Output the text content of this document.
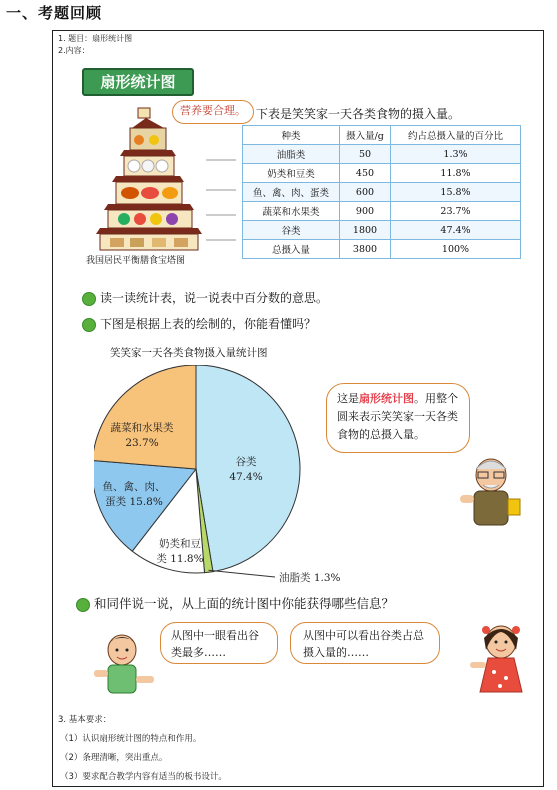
一、考题回顾
1. 题目：扇形统计图
2.内容：
扇形统计图
营养要合理。
我国居民平衡膳食宝塔图
下表是笑笑家一天各类食物的摄入量。
种类	摄入量/g	约占总摄入量的百分比
油脂类	50	1.3%
奶类和豆类	450	11.8%
鱼、禽、肉、蛋类	600	15.8%
蔬菜和水果类	900	23.7%
谷类	1800	47.4%
总摄入量	3800	100%
读一读统计表，说一说表中百分数的意思。
下图是根据上表的绘制的，你能看懂吗？
笑笑家一天各类食物摄入量统计图
谷类
47.4%
油脂类 1.3%
奶类和豆
类 11.8%
鱼、禽、肉、
蛋类 15.8%
蔬菜和水果类
23.7%
这是扇形统计图。用整个圆来表示笑笑家一天各类食物的总摄入量。
和同伴说一说，从上面的统计图中你能获得哪些信息？
从图中一眼看出谷类最多……
从图中可以看出谷类占总摄入量的……
3. 基本要求：
（1）认识扇形统计图的特点和作用。
（2）条理清晰，突出重点。
（3）要求配合教学内容有适当的板书设计。
